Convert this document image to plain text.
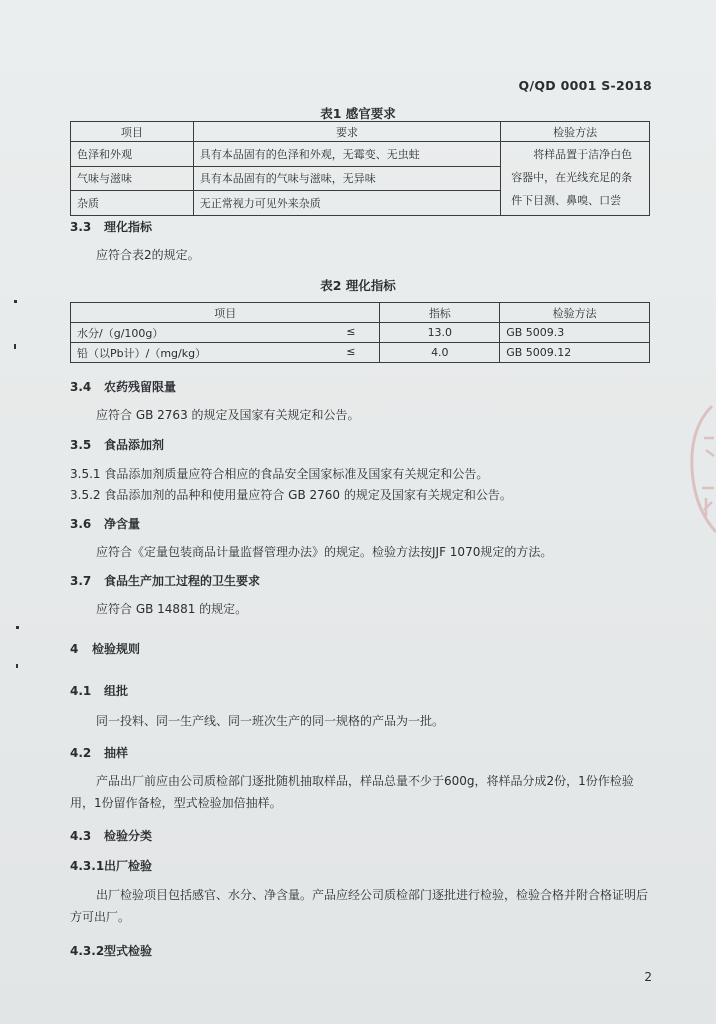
Q/QD 0001 S-2018
表1 感官要求
项目	要求	检验方法
色泽和外观	具有本品固有的色泽和外观，无霉变、无虫蛀	将样品置于洁净白色容器中，在光线充足的条件下目测、鼻嗅、口尝
气味与滋味	具有本品固有的气味与滋味，无异味	
杂质	无正常视力可见外来杂质	
3.3 理化指标
应符合表2的规定。
表2 理化指标
项目	指标	检验方法
水分/（g/100g） ≤	13.0	GB 5009.3
铅（以Pb计）/（mg/kg） ≤	4.0	GB 5009.12
3.4 农药残留限量
应符合 GB 2763 的规定及国家有关规定和公告。
3.5 食品添加剂
3.5.1 食品添加剂质量应符合相应的食品安全国家标准及国家有关规定和公告。
3.5.2 食品添加剂的品种和使用量应符合 GB 2760 的规定及国家有关规定和公告。
3.6 净含量
应符合《定量包装商品计量监督管理办法》的规定。检验方法按JJF 1070规定的方法。
3.7 食品生产加工过程的卫生要求
应符合 GB 14881 的规定。
4 检验规则
4.1 组批
同一投料、同一生产线、同一班次生产的同一规格的产品为一批。
4.2 抽样
产品出厂前应由公司质检部门逐批随机抽取样品，样品总量不少于600g，将样品分成2份，1份作检验用，1份留作备检，型式检验加倍抽样。
4.3 检验分类
4.3.1出厂检验
出厂检验项目包括感官、水分、净含量。产品应经公司质检部门逐批进行检验，检验合格并附合格证明后方可出厂。
4.3.2型式检验
2
